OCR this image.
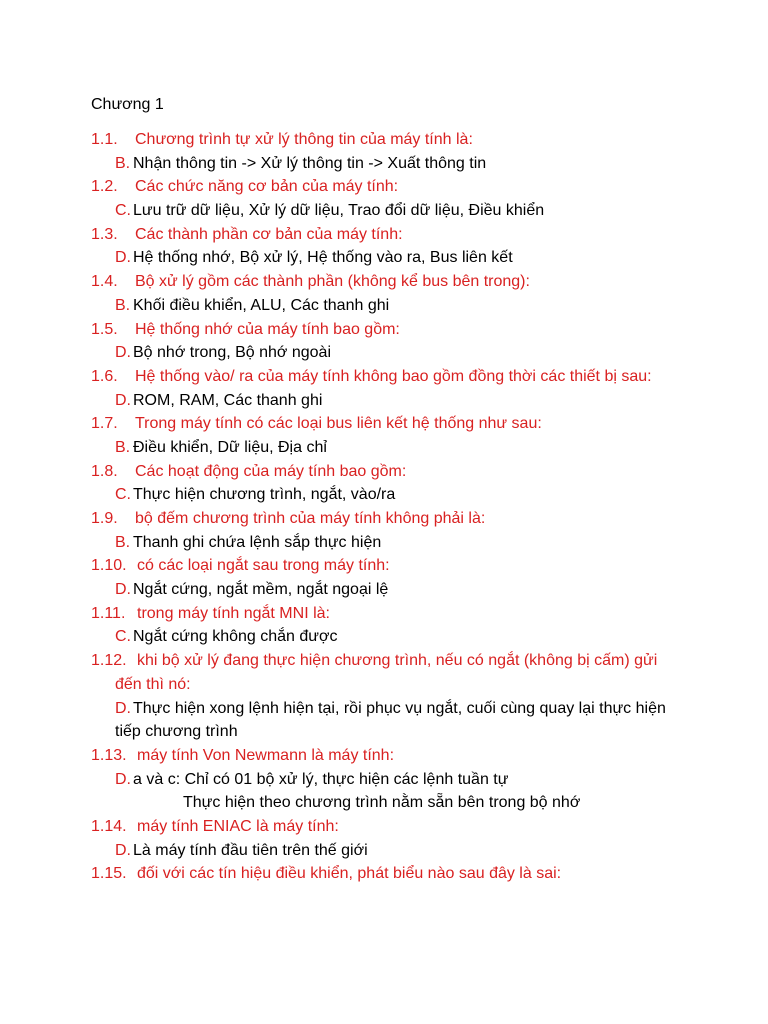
Chương 1
1.1. Chương trình tự xử lý thông tin của máy tính là:
B. Nhận thông tin -> Xử lý thông tin -> Xuất thông tin
1.2. Các chức năng cơ bản của máy tính:
C. Lưu trữ dữ liệu, Xử lý dữ liệu, Trao đổi dữ liệu, Điều khiển
1.3. Các thành phần cơ bản của máy tính:
D. Hệ thống nhớ, Bộ xử lý, Hệ thống vào ra, Bus liên kết
1.4. Bộ xử lý gồm các thành phần (không kể bus bên trong):
B. Khối điều khiển, ALU, Các thanh ghi
1.5. Hệ thống nhớ của máy tính bao gồm:
D. Bộ nhớ trong, Bộ nhớ ngoài
1.6. Hệ thống vào/ ra của máy tính không bao gồm đồng thời các thiết bị sau:
D. ROM, RAM, Các thanh ghi
1.7. Trong máy tính có các loại bus liên kết hệ thống như sau:
B. Điều khiển, Dữ liệu, Địa chỉ
1.8. Các hoạt động của máy tính bao gồm:
C. Thực hiện chương trình, ngắt, vào/ra
1.9. bộ đếm chương trình của máy tính không phải là:
B. Thanh ghi chứa lệnh sắp thực hiện
1.10. có các loại ngắt sau trong máy tính:
D. Ngắt cứng, ngắt mềm, ngắt ngoại lệ
1.11. trong máy tính ngắt MNI là:
C. Ngắt cứng không chắn được
1.12. khi bộ xử lý đang thực hiện chương trình, nếu có ngắt (không bị cấm) gửi
đến thì nó:
D. Thực hiện xong lệnh hiện tại, rồi phục vụ ngắt, cuối cùng quay lại thực hiện
tiếp chương trình
1.13. máy tính Von Newmann là máy tính:
D. a và c: Chỉ có 01 bộ xử lý, thực hiện các lệnh tuần tự
Thực hiện theo chương trình nằm sẵn bên trong bộ nhớ
1.14. máy tính ENIAC là máy tính:
D. Là máy tính đầu tiên trên thế giới
1.15. đối với các tín hiệu điều khiển, phát biểu nào sau đây là sai:
